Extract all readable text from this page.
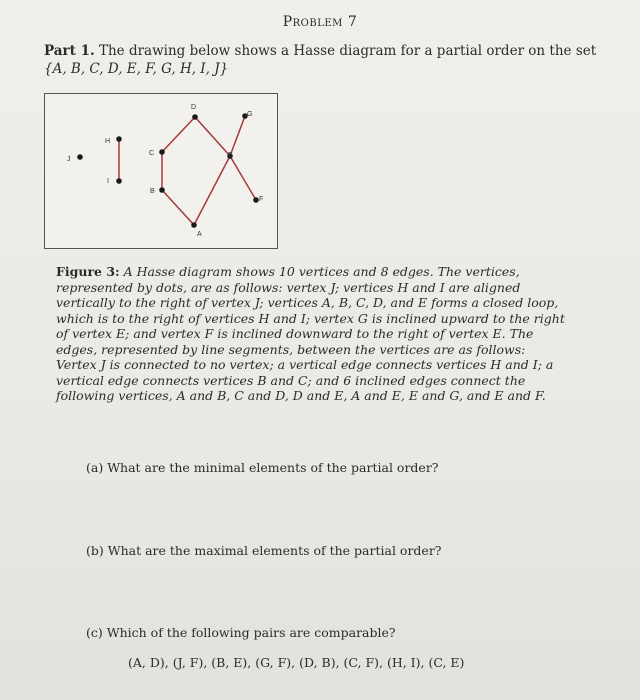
Problem 7
Part 1. The drawing below shows a Hasse diagram for a partial order on the set
{A, B, C, D, E, F, G, H, I, J}
J
H
I
C
B
A
D
E
G
F
Figure 3: A Hasse diagram shows 10 vertices and 8 edges. The vertices, represented by dots, are as follows: vertex J; vertices H and I are aligned vertically to the right of vertex J; vertices A, B, C, D, and E forms a closed loop, which is to the right of vertices H and I; vertex G is inclined upward to the right of vertex E; and vertex F is inclined downward to the right of vertex E. The edges, represented by line segments, between the vertices are as follows: Vertex J is connected to no vertex; a vertical edge connects vertices H and I; a vertical edge connects vertices B and C; and 6 inclined edges connect the following vertices, A and B, C and D, D and E, A and E, E and G, and E and F.
(a) What are the minimal elements of the partial order?
(b) What are the maximal elements of the partial order?
(c) Which of the following pairs are comparable?
(A, D), (J, F), (B, E), (G, F), (D, B), (C, F), (H, I), (C, E)
